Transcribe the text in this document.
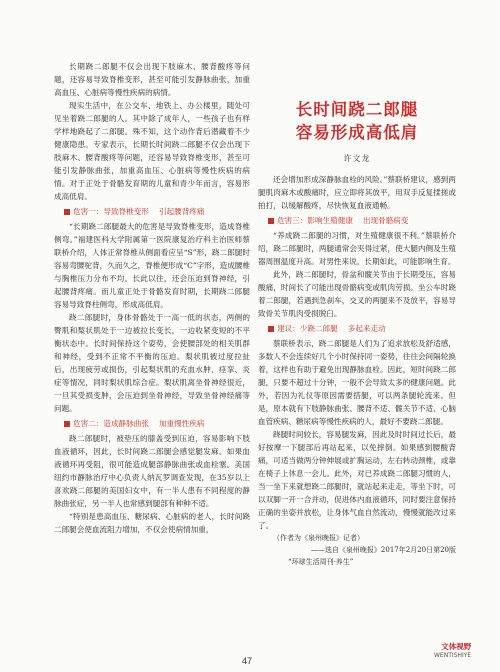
长期跷二郎腿不仅会出现下肢麻木、腰背酸疼等问题，还容易导致脊椎变形，甚至可能引发静脉曲张，加重高血压、心脏病等慢性疾病的病情。

现实生活中，在公交车、地铁上、办公楼里，随处可见坐着跷二郎腿的人。其中除了成年人，一些孩子也有样学样地跷起了二郎腿。殊不知，这个动作背后潜藏着不少健康隐患。专家表示，长期长时间跷二郎腿不仅会出现下肢麻木、腰背酸疼等问题，还容易导致脊椎变形，甚至可能引发静脉曲张，加重高血压、心脏病等慢性疾病的病情。对于正处于骨骼发育期的儿童和青少年而言，容易形成高低肩。

危害一：导致脊椎变形 引起腰背疼痛

“长期跷二郎腿最大的危害是导致脊椎变形，造成脊椎侧弯。”福建医科大学附属第一医院康复治疗科主治医师蔡联桥介绍，人体正常脊椎从侧面看应呈“S”形，跷二郎腿时容易弯腰驼背，久而久之，脊椎便形成“C”字形，造成腰椎与胸椎压力分布不均。长此以往，还会压迫到脊神经，引起腰背疼痛。而儿童正处于骨骼发育时期，长期跷二郎腿容易导致脊柱侧弯，形成高低肩。

跷二郎腿时，身体骨骼处于一高一低的状态，两侧的臀肌和梨状肌处于一边被拉长变长，一边收紧变短的不平衡状态中。长时间保持这个姿势，会使腰部处的相关肌群和神经，受到不正常不平衡的压迫。梨状肌被过度拉扯后，出现疲劳或损伤，引起梨状肌的充血水肿、痉挛、炎症等情况，同时梨状肌综合症。梨状肌离坐骨神经很近，一旦其受损变肿，会压迫到坐骨神经，导致坐骨神经痛等问题。

危害二：造成静脉曲张 加重慢性疾病

跷二郎腿时，被垫压的膝盖受到压迫，容易影响下肢血液循环，因此，长时间跷二郎腿会感觉腿发麻。如果血液循环再受阻，很可能造成腿部静脉曲张或血栓塞。美国纽约市静脉治疗中心负责人纳瓦罗调查发现，在35岁以上喜欢跷二郎腿的美国妇女中，有一半人患有不同程度的静脉曲张症，另一半人也常感到腿部有种种不适。

“特别是患高血压、糖尿病、心脏病的老人，长时间跷二郎腿会使血流阻力增加，不仅会使病情加重，

长时间跷二郎腿
容易形成高低肩
许文龙

还会增加形成深静脉血栓的风险。”蔡联桥建议，感到两腿肌肉麻木或酸痛时，应立即将其放平，用双手反复揉搓或拍打，以缓解酸疼，尽快恢复血液通畅。

危害三：影响生殖健康 出现骨骼病变

“养成跷二郎腿的习惯，对生殖健康很不利。”蔡联桥介绍，跷二郎腿时，两腿通常会夹得过紧，使大腿内侧及生殖器周围温度升高。对男性来说，长期如此，可能影响生育。

此外，跷二郎腿时，骨盆和髋关节由于长期受压，容易酸痛，时间长了可能出现骨骼病变或肌肉劳损。坐公车时跷着二郎腿，若遇到急刹车，交叉的两腿来不及放平，容易导致骨关节肌肉受损脱臼。

建议：少跷二郎腿 多起来走动

蔡联桥表示，跷二郎腿是人们为了追求放松及舒适感，多数人不会连续好几个小时保持同一姿势，往往会间隔轮换着，这样也有助于避免出现静脉血栓。因此，短时间跷二郎腿，只要不超过十分钟，一般不会导致太多的健康问题。此外，若因为礼仪等原因需要搭腿，可以两条腿轮流来。但是，原本就有下肢静脉曲张、腰背不适、髋关节不适、心脑血管疾病、糖尿病等慢性疾病的人，最好不要跷二郎腿。

跷腿时间较长，容易腿发麻，因此及时时间过长后，最好按摩一下腿部后再站起来，以免摔倒。如果感到腰酸背痛，可适当做两分钟伸展或扩胸运动，左右转动颈椎，或靠在椅子上休息一会儿。此外，对已养成跷二郎腿习惯的人，当一坐下来就想跷二郎腿时，就站起来走走，等坐下时，可以双脚一开一合并动，促进体内血液循环，同时要注意保持正确的坐姿并放松，让身体气血自然流动，慢慢就能改过来了。

（作者为《泉州晚报》记者）
——选自《泉州晚报》2017年2月20日第20版
“环球生活周刊·养生”
47
文体视野
WENTISHIYE
